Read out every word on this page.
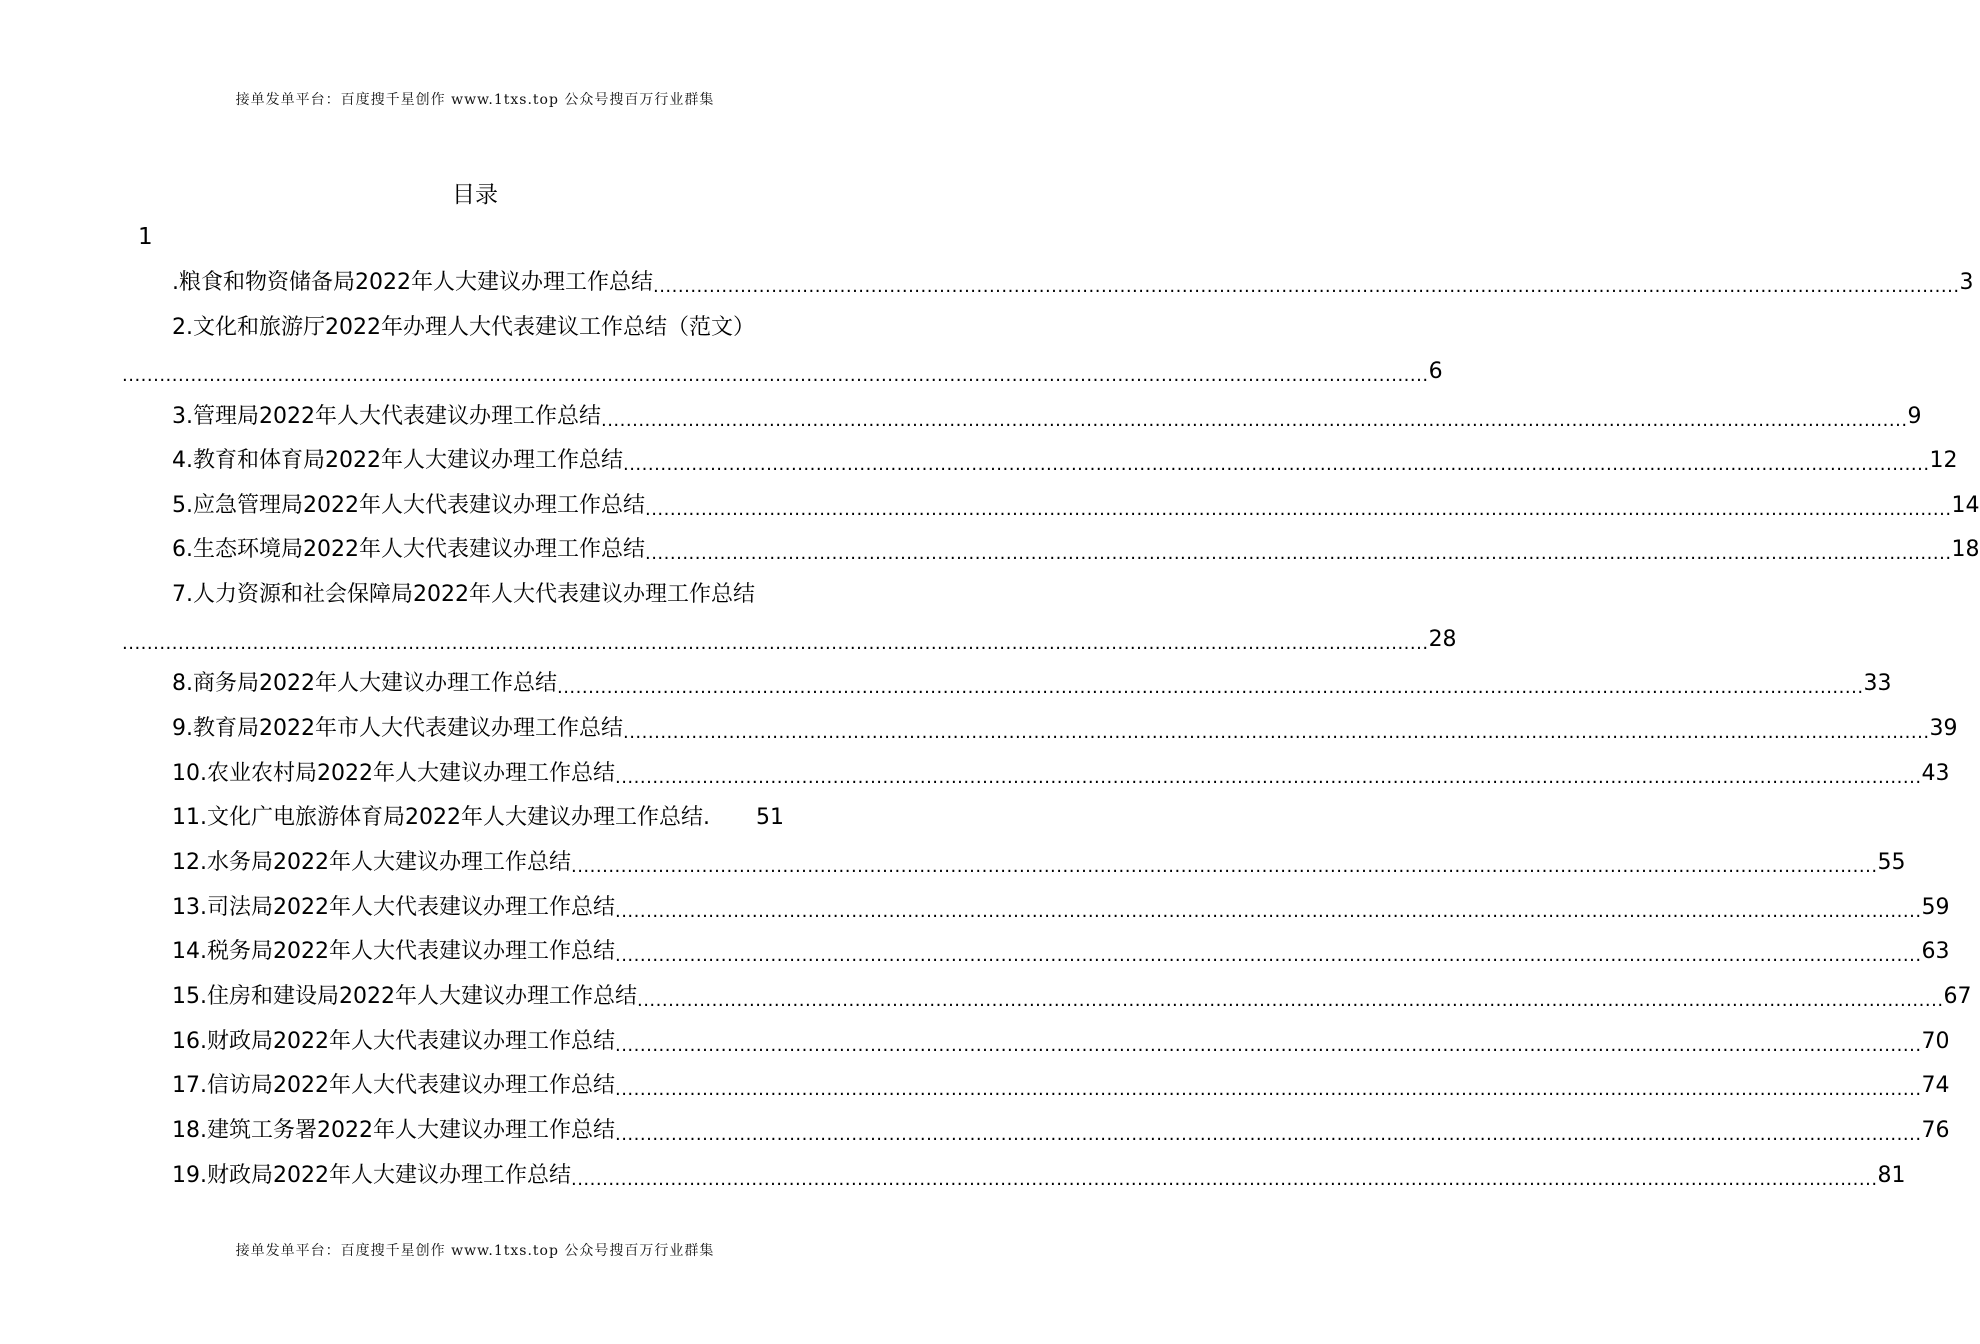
接单发单平台：百度搜千星创作 www.1txs.top 公众号搜百万行业群集
目录
1
.粮食和物资储备局2022年人大建议办理工作总结 .................................................................................................................................................................................................................. 3
2.文化和旅游厅2022年办理人大代表建议工作总结（范文）
.................................................................................................................................................................................................................. 6
3.管理局2022年人大代表建议办理工作总结 .................................................................................................................................................................................................................. 9
4.教育和体育局2022年人大建议办理工作总结 .................................................................................................................................................................................................................. 12
5.应急管理局2022年人大代表建议办理工作总结 .................................................................................................................................................................................................................. 14
6.生态环境局2022年人大代表建议办理工作总结 .................................................................................................................................................................................................................. 18
7.人力资源和社会保障局2022年人大代表建议办理工作总结
.................................................................................................................................................................................................................. 28
8.商务局2022年人大建议办理工作总结 .................................................................................................................................................................................................................. 33
9.教育局2022年市人大代表建议办理工作总结 .................................................................................................................................................................................................................. 39
10.农业农村局2022年人大建议办理工作总结 .................................................................................................................................................................................................................. 43
11.文化广电旅游体育局2022年人大建议办理工作总结. 51
12.水务局2022年人大建议办理工作总结 .................................................................................................................................................................................................................. 55
13.司法局2022年人大代表建议办理工作总结 .................................................................................................................................................................................................................. 59
14.税务局2022年人大代表建议办理工作总结 .................................................................................................................................................................................................................. 63
15.住房和建设局2022年人大建议办理工作总结 .................................................................................................................................................................................................................. 67
16.财政局2022年人大代表建议办理工作总结 .................................................................................................................................................................................................................. 70
17.信访局2022年人大代表建议办理工作总结 .................................................................................................................................................................................................................. 74
18.建筑工务署2022年人大建议办理工作总结 .................................................................................................................................................................................................................. 76
19.财政局2022年人大建议办理工作总结 .................................................................................................................................................................................................................. 81
接单发单平台：百度搜千星创作 www.1txs.top 公众号搜百万行业群集
